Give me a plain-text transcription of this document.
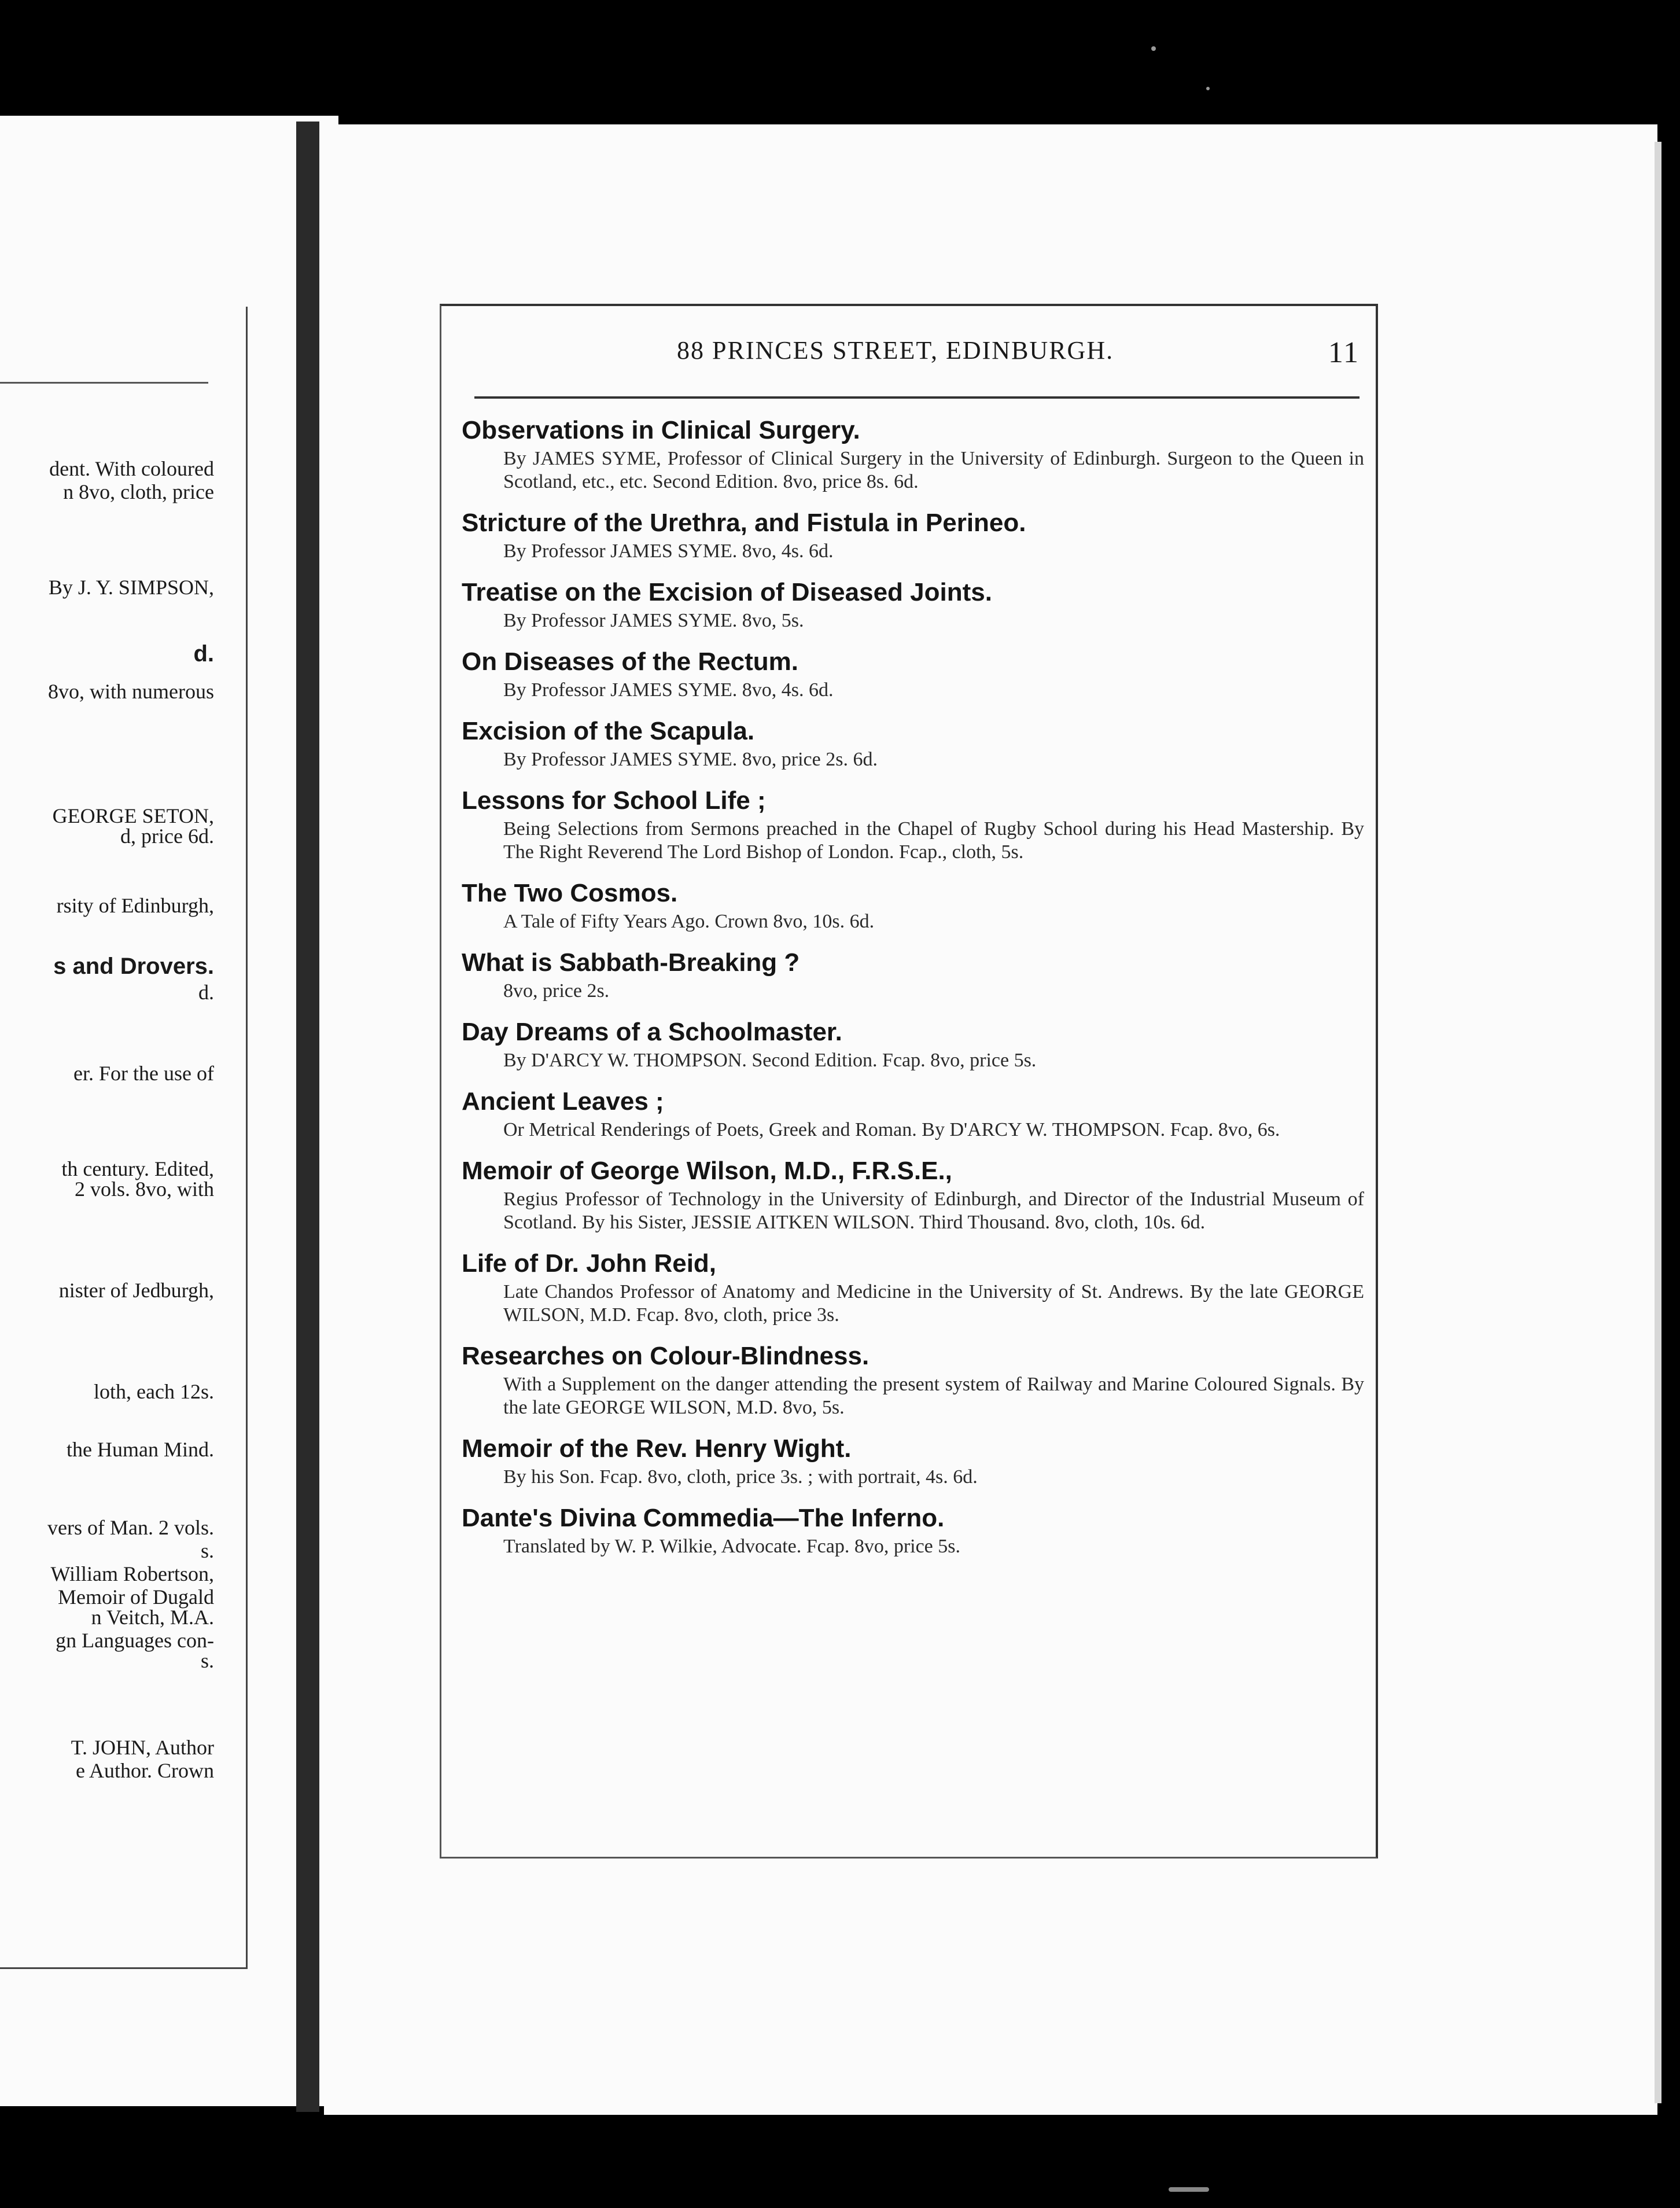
dent. With coloured
n 8vo, cloth, price
By J. Y. SIMPSON,
d.
8vo, with numerous
GEORGE SETON,
d, price 6d.
rsity of Edinburgh,
s and Drovers.
d.
er. For the use of
th century. Edited,
2 vols. 8vo, with
nister of Jedburgh,
loth, each 12s.
the Human Mind.
vers of Man. 2 vols.
s.
William Robertson,
Memoir of Dugald
n Veitch, M.A.
gn Languages con-
s.
T. JOHN, Author
e Author. Crown
88 PRINCES STREET, EDINBURGH.	11
Observations in Clinical Surgery.
By JAMES SYME, Professor of Clinical Surgery in the University of Edinburgh. Surgeon to the Queen in Scotland, etc., etc. Second Edition. 8vo, price 8s. 6d.
Stricture of the Urethra, and Fistula in Perineo.
By Professor JAMES SYME. 8vo, 4s. 6d.
Treatise on the Excision of Diseased Joints.
By Professor JAMES SYME. 8vo, 5s.
On Diseases of the Rectum.
By Professor JAMES SYME. 8vo, 4s. 6d.
Excision of the Scapula.
By Professor JAMES SYME. 8vo, price 2s. 6d.
Lessons for School Life ;
Being Selections from Sermons preached in the Chapel of Rugby School during his Head Mastership. By The Right Reverend The Lord Bishop of London. Fcap., cloth, 5s.
The Two Cosmos.
A Tale of Fifty Years Ago. Crown 8vo, 10s. 6d.
What is Sabbath-Breaking ?
8vo, price 2s.
Day Dreams of a Schoolmaster.
By D'ARCY W. THOMPSON. Second Edition. Fcap. 8vo, price 5s.
Ancient Leaves ;
Or Metrical Renderings of Poets, Greek and Roman. By D'ARCY W. THOMPSON. Fcap. 8vo, 6s.
Memoir of George Wilson, M.D., F.R.S.E.,
Regius Professor of Technology in the University of Edinburgh, and Director of the Industrial Museum of Scotland. By his Sister, JESSIE AITKEN WILSON. Third Thousand. 8vo, cloth, 10s. 6d.
Life of Dr. John Reid,
Late Chandos Professor of Anatomy and Medicine in the University of St. Andrews. By the late GEORGE WILSON, M.D. Fcap. 8vo, cloth, price 3s.
Researches on Colour-Blindness.
With a Supplement on the danger attending the present system of Railway and Marine Coloured Signals. By the late GEORGE WILSON, M.D. 8vo, 5s.
Memoir of the Rev. Henry Wight.
By his Son. Fcap. 8vo, cloth, price 3s. ; with portrait, 4s. 6d.
Dante's Divina Commedia—The Inferno.
Translated by W. P. Wilkie, Advocate. Fcap. 8vo, price 5s.
